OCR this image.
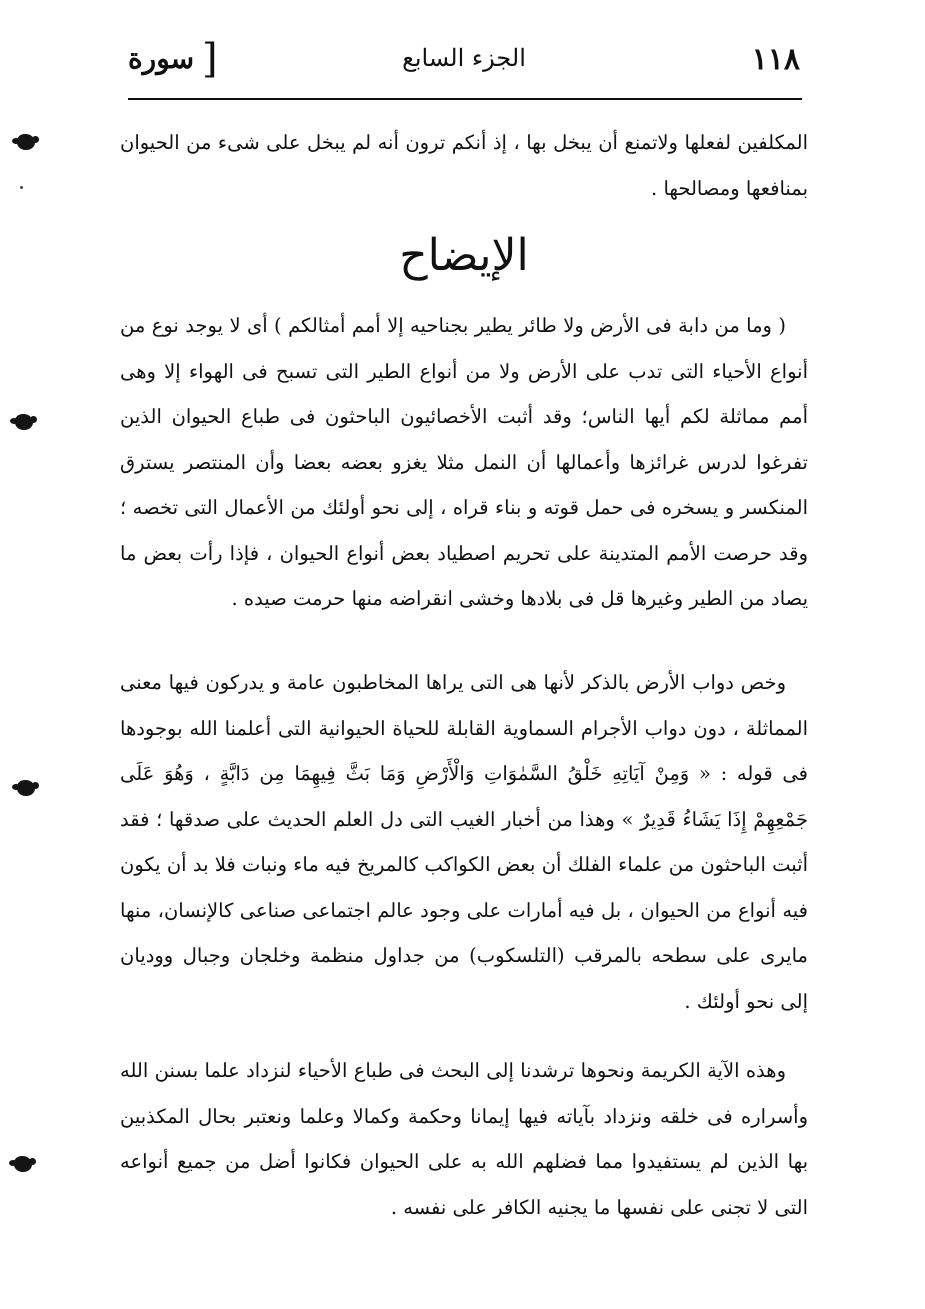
١١٨
الجزء السابع
[
سورة
المكلفين لفعلها ولاتمنع أن يبخل بها ، إذ أنكم ترون أنه لم يبخل على شىء من الحيوان بمنافعها ومصالحها .
الإيضاح
( وما من دابة فى الأرض ولا طائر يطير بجناحيه إلا أمم أمثالكم ) أى لا يوجد نوع من أنواع الأحياء التى تدب على الأرض ولا من أنواع الطير التى تسبح فى الهواء إلا وهى أمم مماثلة لكم أيها الناس؛ وقد أثبت الأخصائيون الباحثون فى طباع الحيوان الذين تفرغوا لدرس غرائزها وأعمالها أن النمل مثلا يغزو بعضه بعضا وأن المنتصر يسترق المنكسر و يسخره فى حمل قوته و بناء قراه ، إلى نحو أولئك من الأعمال التى تخصه ؛ وقد حرصت الأمم المتدينة على تحريم اصطياد بعض أنواع الحيوان ، فإذا رأت بعض ما يصاد من الطير وغيرها قل فى بلادها وخشى انقراضه منها حرمت صيده .
وخص دواب الأرض بالذكر لأنها هى التى يراها المخاطبون عامة و يدركون فيها معنى المماثلة ، دون دواب الأجرام السماوية القابلة للحياة الحيوانية التى أعلمنا الله بوجودها فى قوله : « وَمِنْ آيَاتِهِ خَلْقُ السَّمٰوَاتِ وَالْأَرْضِ وَمَا بَثَّ فِيهِمَا مِن دَابَّةٍ ، وَهُوَ عَلَى جَمْعِهِمْ إِذَا يَشَاءُ قَدِيرٌ » وهذا من أخبار الغيب التى دل العلم الحديث على صدقها ؛ فقد أثبت الباحثون من علماء الفلك أن بعض الكواكب كالمريخ فيه ماء ونبات فلا بد أن يكون فيه أنواع من الحيوان ، بل فيه أمارات على وجود عالم اجتماعى صناعى كالإنسان، منها مايرى على سطحه بالمرقب (التلسكوب) من جداول منظمة وخلجان وجبال ووديان إلى نحو أولئك .
وهذه الآية الكريمة ونحوها ترشدنا إلى البحث فى طباع الأحياء لنزداد علما بسنن الله وأسراره فى خلقه ونزداد بآياته فيها إيمانا وحكمة وكمالا وعلما ونعتبر بحال المكذبين بها الذين لم يستفيدوا مما فضلهم الله به على الحيوان فكانوا أضل من جميع أنواعه التى لا تجنى على نفسها ما يجنيه الكافر على نفسه .
